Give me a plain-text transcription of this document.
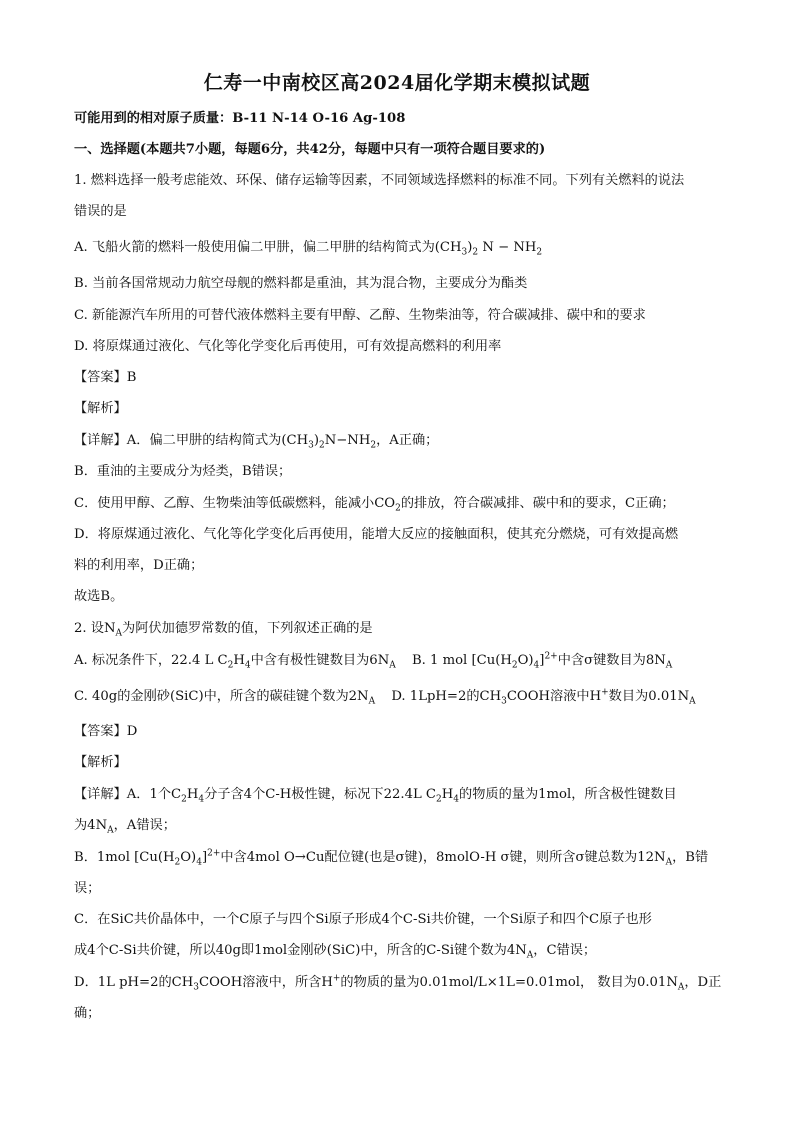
仁寿一中南校区高2024届化学期末模拟试题
可能用到的相对原子质量：B-11 N-14 O-16 Ag-108
一、选择题(本题共7小题，每题6分，共42分，每题中只有一项符合题目要求的)
1. 燃料选择一般考虑能效、环保、储存运输等因素，不同领域选择燃料的标准不同。下列有关燃料的说法
错误的是
A. 飞船火箭的燃料一般使用偏二甲肼，偏二甲肼的结构简式为$(CH_3)_2$ $N - NH_2$
B. 当前各国常规动力航空母舰的燃料都是重油，其为混合物，主要成分为酯类
C. 新能源汽车所用的可替代液体燃料主要有甲醇、乙醇、生物柴油等，符合碳减排、碳中和的要求
D. 将原煤通过液化、气化等化学变化后再使用，可有效提高燃料的利用率
【答案】B
【解析】
【详解】A．偏二甲肼的结构简式为$(CH_3)_2N-NH_2$，A正确；
B．重油的主要成分为烃类，B错误；
C．使用甲醇、乙醇、生物柴油等低碳燃料，能减小$CO_2$的排放，符合碳减排、碳中和的要求，C正确；
D．将原煤通过液化、气化等化学变化后再使用，能增大反应的接触面积，使其充分燃烧，可有效提高燃
料的利用率，D正确；
故选B。
2. 设$N_A$为阿伏加德罗常数的值，下列叙述正确的是
A. 标况条件下，22.4 L $C_2H_4$中含有极性键数目为$6N_A$ B. 1 mol $[Cu(H_2O)_4]^{2+}$中含σ键数目为$8N_A$
C. 40g的金刚砂(SiC)中，所含的碳硅键个数为$2N_A$ D. 1LpH=2的$CH_3COOH$溶液中H+数目为$0.01N_A$
【答案】D
【解析】
【详解】A．1个$C_2H_4$分子含4个C-H极性键，标况下22.4L $C_2H_4$的物质的量为1mol，所含极性键数目
为$4N_A$，A错误；
B．1mol $[Cu(H_2O)_4]^{2+}$中含4mol O→Cu配位键(也是σ键)，8molO-H σ键，则所含σ键总数为$12N_A$，B错
误；
C．在SiC共价晶体中，一个C原子与四个Si原子形成4个C-Si共价键，一个Si原子和四个C原子也形
成4个C-Si共价键，所以40g即1mol金刚砂(SiC)中，所含的C-Si键个数为$4N_A$，C错误；
D．1L pH=2的$CH_3COOH$溶液中，所含H+的物质的量为0.01mol/L×1L=0.01mol， 数目为$0.01N_A$，D正
确；
